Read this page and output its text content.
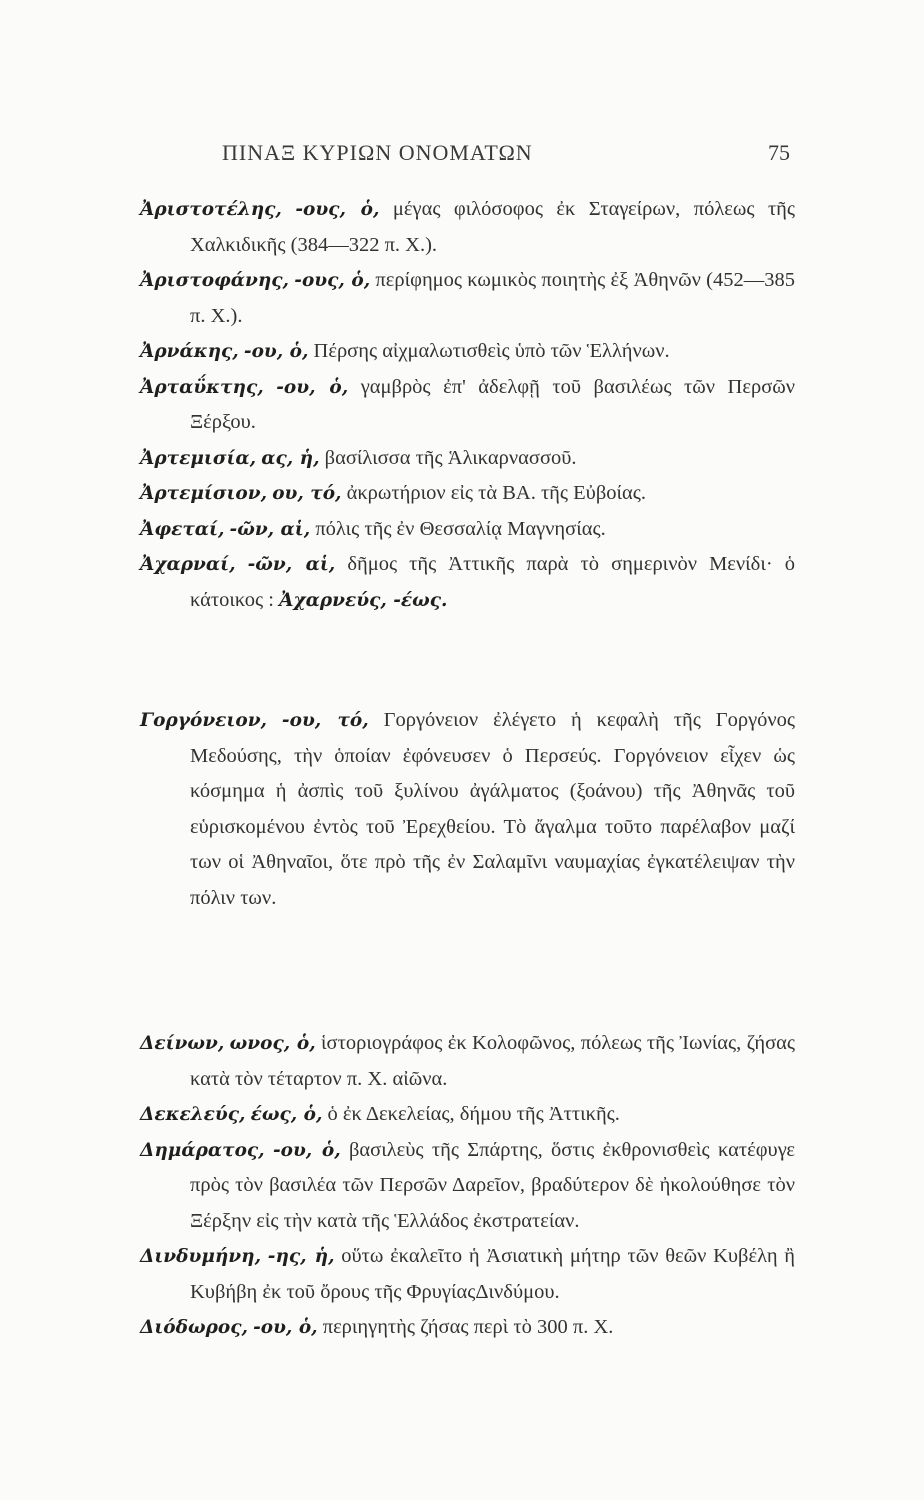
ΠΙΝΑΞ ΚΥΡΙΩΝ ΟΝΟΜΑΤΩΝ	75

Ἀριστοτέλης, -ους, ὁ, μέγας φιλόσοφος ἐκ Σταγείρων, πόλεως τῆς Χαλκιδικῆς (384—322 π. Χ.).

Ἀριστοφάνης, -ους, ὁ, περίφημος κωμικὸς ποιητὴς ἐξ Ἀθηνῶν (452—385 π. Χ.).

Ἀρνάκης, -ου, ὁ, Πέρσης αἰχμαλωτισθεὶς ὑπὸ τῶν Ἑλλήνων.

Ἀρταΰκτης, -ου, ὁ, γαμβρὸς ἐπ' ἀδελφῇ τοῦ βασιλέως τῶν Περσῶν Ξέρξου.

Ἀρτεμισία, ας, ἡ, βασίλισσα τῆς Ἁλικαρνασσοῦ.

Ἀρτεμίσιον, ου, τό, ἀκρωτήριον εἰς τὰ ΒΑ. τῆς Εὐβοίας.

Ἀφεταί, -ῶν, αἱ, πόλις τῆς ἐν Θεσσαλίᾳ Μαγνησίας.

Ἀχαρναί, -ῶν, αἱ, δῆμος τῆς Ἀττικῆς παρὰ τὸ σημερινὸν Μενίδι· ὁ κάτοικος : Ἀχαρνεύς, -έως.

Γοργόνειον, -ου, τό, Γοργόνειον ἐλέγετο ἡ κεφαλὴ τῆς Γοργόνος Μεδούσης, τὴν ὁποίαν ἐφόνευσεν ὁ Περσεύς. Γοργόνειον εἶχεν ὡς κόσμημα ἡ ἀσπὶς τοῦ ξυλίνου ἀγάλματος (ξοάνου) τῆς Ἀθηνᾶς τοῦ εὑρισκομένου ἐντὸς τοῦ Ἐρεχθείου. Τὸ ἄγαλμα τοῦτο παρέλαβον μαζί των οἱ Ἀθηναῖοι, ὅτε πρὸ τῆς ἐν Σαλαμῖνι ναυμαχίας ἐγκατέλειψαν τὴν πόλιν των.

Δείνων, ωνος, ὁ, ἱστοριογράφος ἐκ Κολοφῶνος, πόλεως τῆς Ἰωνίας, ζήσας κατὰ τὸν τέταρτον π. Χ. αἰῶνα.

Δεκελεύς, έως, ὁ, ὁ ἐκ Δεκελείας, δήμου τῆς Ἀττικῆς.

Δημάρατος, -ου, ὁ, βασιλεὺς τῆς Σπάρτης, ὅστις ἐκθρονισθεὶς κατέφυγε πρὸς τὸν βασιλέα τῶν Περσῶν Δαρεῖον, βραδύτερον δὲ ἠκολούθησε τὸν Ξέρξην εἰς τὴν κατὰ τῆς Ἑλλάδος ἐκστρατείαν.

Δινδυμήνη, -ης, ἡ, οὕτω ἐκαλεῖτο ἡ Ἀσιατικὴ μήτηρ τῶν θεῶν Κυβέλη ἢ Κυβήβη ἐκ τοῦ ὄρους τῆς ΦρυγίαςΔινδύμου.

Διόδωρος, -ου, ὁ, περιηγητὴς ζήσας περὶ τὸ 300 π. Χ.
